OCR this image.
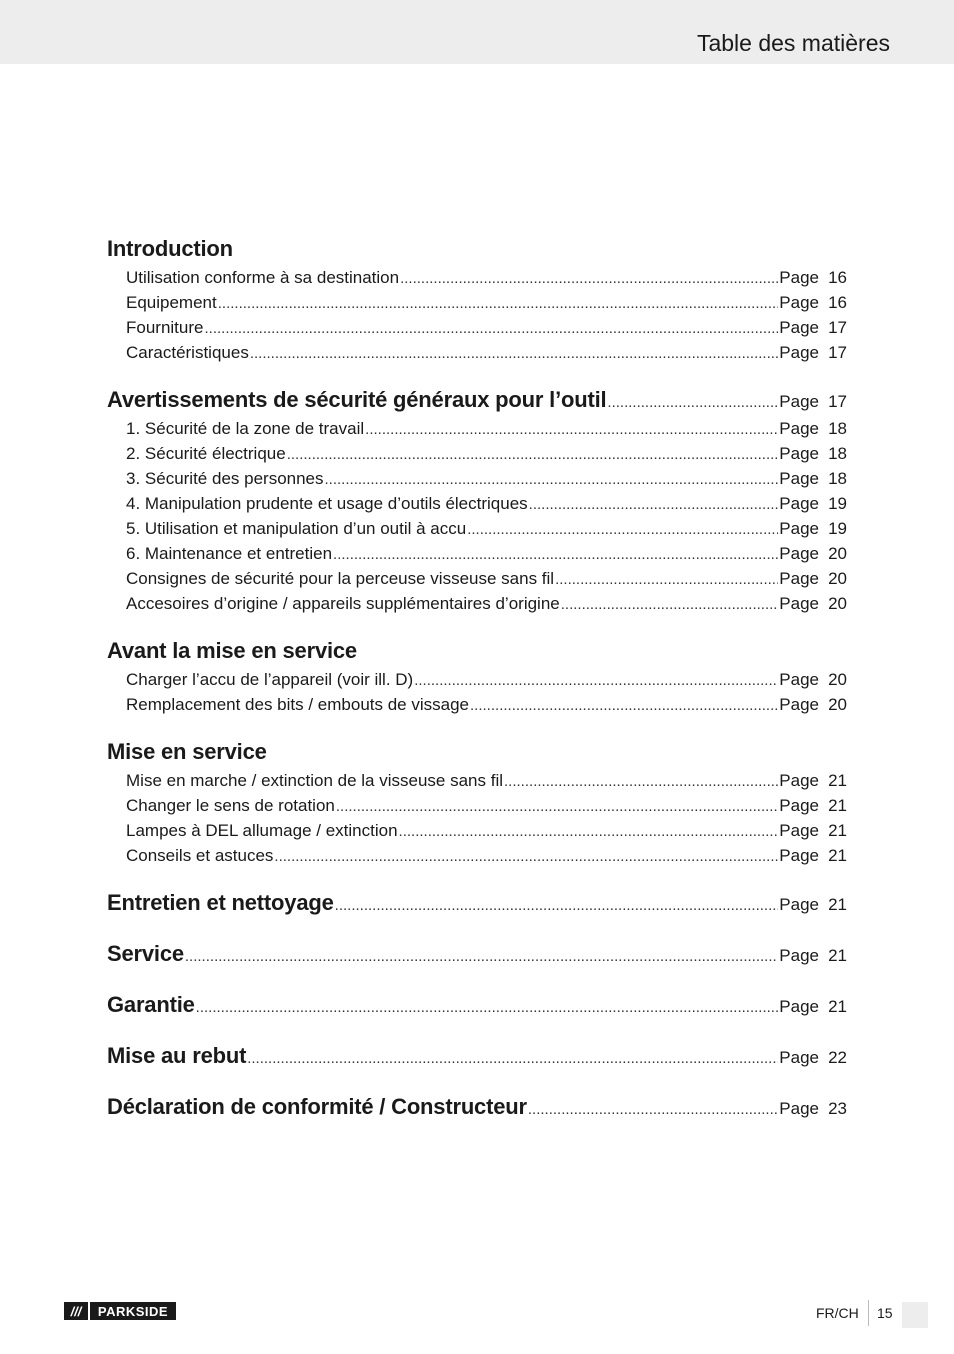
Table des matières
Introduction
Utilisation conforme à sa destination .....	Page 16
Equipement .....	Page 16
Fourniture .....	Page 17
Caractéristiques .....	Page 17
Avertissements de sécurité généraux pour l’outil .....	Page 17
1. Sécurité de la zone de travail .....	Page 18
2. Sécurité électrique .....	Page 18
3. Sécurité des personnes .....	Page 18
4. Manipulation prudente et usage d’outils électriques .....	Page 19
5. Utilisation et manipulation d’un outil à accu .....	Page 19
6. Maintenance et entretien .....	Page 20
Consignes de sécurité pour la perceuse visseuse sans fil .....	Page 20
Accesoires d’origine / appareils supplémentaires d’origine .....	Page 20
Avant la mise en service
Charger l’accu de l’appareil (voir ill. D) .....	Page 20
Remplacement des bits / embouts de vissage .....	Page 20
Mise en service
Mise en marche / extinction de la visseuse sans fil .....	Page 21
Changer le sens de rotation .....	Page 21
Lampes à DEL allumage / extinction .....	Page 21
Conseils et astuces .....	Page 21
Entretien et nettoyage .....	Page 21
Service .....	Page 21
Garantie .....	Page 21
Mise au rebut .....	Page 22
Déclaration de conformité / Constructeur .....	Page 23
///	PARKSIDE	FR/CH 15
